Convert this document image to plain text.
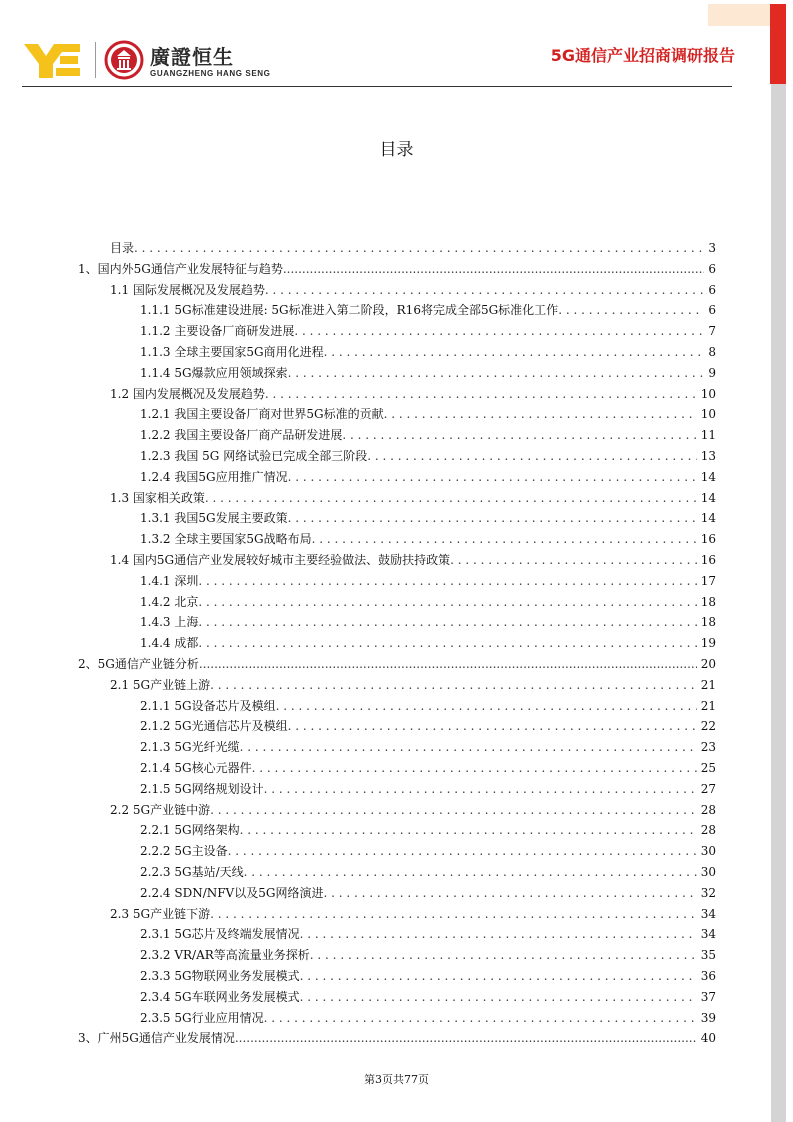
廣證恒生
GUANGZHENG HANG SENG
5G通信产业招商调研报告
目录
目录 . . .	3
1、国内外5G通信产业发展特征与趋势 .....	6
1.1 国际发展概况及发展趋势 . . .	6
1.1.1 5G标准建设进展: 5G标准进入第二阶段，R16将完成全部5G标准化工作 . . .	6
1.1.2 主要设备厂商研发进展 . . .	7
1.1.3 全球主要国家5G商用化进程 . . .	8
1.1.4 5G爆款应用领域探索 . . .	9
1.2 国内发展概况及发展趋势 . . .	10
1.2.1 我国主要设备厂商对世界5G标准的贡献 . . .	10
1.2.2 我国主要设备厂商产品研发进展 . . .	11
1.2.3 我国 5G 网络试验已完成全部三阶段 . . .	13
1.2.4 我国5G应用推广情况 . . .	14
1.3 国家相关政策 . . .	14
1.3.1 我国5G发展主要政策 . . .	14
1.3.2 全球主要国家5G战略布局 . . .	16
1.4 国内5G通信产业发展较好城市主要经验做法、鼓励扶持政策 . . .	16
1.4.1 深圳 . . .	17
1.4.2 北京 . . .	18
1.4.3 上海 . . .	18
1.4.4 成都 . . .	19
2、5G通信产业链分析 .....	20
2.1 5G产业链上游 . . .	21
2.1.1 5G设备芯片及模组 . . .	21
2.1.2 5G光通信芯片及模组 . . .	22
2.1.3 5G光纤光缆 . . .	23
2.1.4 5G核心元器件 . . .	25
2.1.5 5G网络规划设计 . . .	27
2.2 5G产业链中游 . . .	28
2.2.1 5G网络架构 . . .	28
2.2.2 5G主设备 . . .	30
2.2.3 5G基站/天线 . . .	30
2.2.4 SDN/NFV以及5G网络演进 . . .	32
2.3 5G产业链下游 . . .	34
2.3.1 5G芯片及终端发展情况 . . .	34
2.3.2 VR/AR等高流量业务探析 . . .	35
2.3.3 5G物联网业务发展模式 . . .	36
2.3.4 5G车联网业务发展模式 . . .	37
2.3.5 5G行业应用情况 . . .	39
3、广州5G通信产业发展情况 .....	40
第3页共77页
